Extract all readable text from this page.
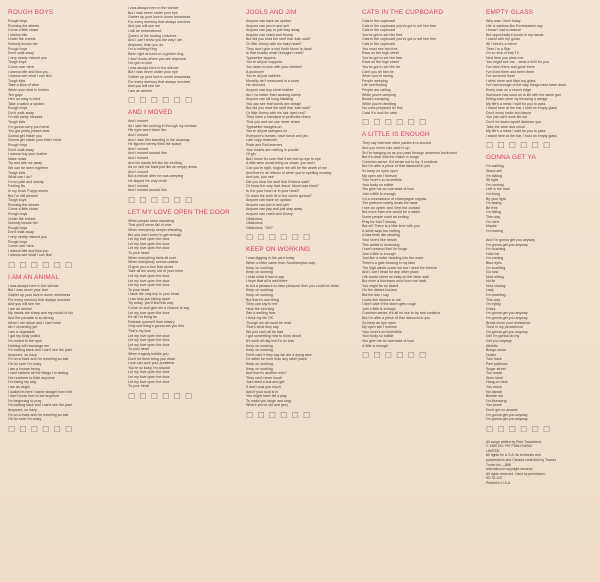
ROUGH BOYS
Rough boys
Running the streets
Come a little closer
I wanna bite
Under the sheets
Nobody knows her
Rough boys
Don't walk away
I very nearly missed you
Tough boys
Come over here
I wanna bite and kiss you
I wanna see what I can find
Tough kids
Take a slice of wine
When your deal is broken
Ten guys
He's so easy to bind
Take a watch a spoken
Rough boys
Don't walk away
I'm still pretty blessed
Tough kids
I'm gonna carry you home
You got pretty pissed dear
Gonna get inside you
Gonna get inside your bitter mind
Rough boys
Don't walk away
I wanna buy your leather
Make noise
Try and talk me away
We can be seen together
Tough kids
What can I do?
I'm so pale and weedy
Feeling ills
In my Hush Puppy shoes
But I'm still pleadin
Tough boys
Running the streets
Come a little closer
Rough boys
Under the sheets
Nobody knows her
Rough boys
Don't walk away
I very nearly missed you
Rough boys
Come over here
I wanna bite and kiss you
I wanna see what I can find
☐ ☐ ☐ ☐ ☐ ☐
I AM AN ANIMAL
I was always here in the silence
But I was never your size
Gather up your love in some weariness
For every memory that always survives
And you will see me
I am an animal
My hands are sharp and my mouth is full
And the parasite is so strong
When I am alone and I can't hear
Am I dreaming yet
I am a vegetable
I got my body pulled
I'm rooted to the spot
Nothing will rearrange me
I'm looking back and I can't see the past
Anymore, so hazy
I'm on a track and I'm traveling so fast
Oh for sure I'm crazy
I am a human being
I can't believe all the things I'm seeing
I've nowhere to hide anymore
I'm losing my way
I am an angel
I looked in here I came straight from hell
I don't know how to act anymore
I'm beginning to pray
I'm looking back and I can't see the past
Anymore, so hazy
I'm on a track and I'm traveling so fast
Oh for sure I'm crazy
☐ ☐ ☐ ☐ ☐ ☐
I was always here in the silence
But I was never under your eye
Gather up your love in some weariness
For every memory that always survives
And you will see me
I will be remembered
Queen of the fucking Universe
And I can't show you the way I am
Anymore, than you do
I'm a nothing King
Been right around on a golden ring
I don't know where you are anymore
I've got no clue
I was always here in the silence
But I was never under your eye
Gather up your love in some weariness
For every memory that always survives
And you will see me
I am an animal
☐ ☐ ☐ ☐ ☐ ☐
AND I MOVED
And I moved
As I saw him looking in through my window
His eyes were black lies
And I moved
And I saw him standing in the doorway
He figured merely filled the space
And I moved
And I moved toward him
And I moved
And his hands felt like ice exciting
As he laid me back just like an empty dress
And I moved
But a minute after he was weeping
He stayed his only crush
And I moved
And I moved toward him
☐ ☐ ☐ ☐ ☐ ☐
LET MY LOVE OPEN THE DOOR
When people keep repeating
That you'll never fall in love
When everybody keeps retreating
But you can't seem to get enough
Let my love open the door
Let my love open the door
Let my love open the door
To your heart
When everything feels all over
When everybody seems unkind
I'll give you a four leaf clover
Take all the worry out of your mind
Let my love open the door
Let my love open the door
Let my love open the door
To your heart
I have the only key to your heart
I can stop you falling apart
Try today, you'll find this way
Come on and give me a chance to say
Let my love open the door
It's all I'm living for
Release yourself from misery
Only one thing's gonna set you free
That's my love
Let my love open the door
Let my love open the door
Let my love open the door
To your heart
When tragedy befalls you
Don't let them bring you down
Love can cure your problems
You're so lucky I'm around
Let my love open the door
Let my love open the door
Let my love open the door
To your heart
☐ ☐ ☐ ☐ ☐ ☐
JOOLS AND JIM
Anyone can have an opinion
Anyone can join in and yell
Anyone can pay or just stay away
Anyone can crash and thump
But did you read the stuff that Julie said?
Or little Jimmy with his hairy head?
They don't give a shit Keith Moon is dead
Is that exactly what I thought I read?
Typewriter tappers
You're all just crappers
You listen to love with your intellect
A pushover
You're all just cabbies
Morality ain't measured in a room
He wrecked
Anyone can buy some leather
Am I no better than wearing sheep
Anyone can kill kung Nanking
You can see that words are cheap!
But did you read the stuff that Julie said?
Or little Jimmy with his hair dyed red?
They have a standard of perfection there
That you and me can never share
Typewriter bangers on
You're all just swingers on
Everyone's human, have lunch and jim
Late copy chairmen
Rock and Roll learners
Your hearts are melting in poodle
Of gin
But I know for sure that if we met up eye to eye
A little wine would bring us closer, you and I
Cos you're right, forgive me will be the death of me
And there's an inferno in when you're spelling ecstasy
And you, you see
Did you hear the stuff that Krishna said?
Or know the way that Jesus' blood was shed?
Is it in your heart or in your head?
Or does the truth lie in the comic spread?
Anyone can have an opinion
Anyone can join in and yell
Anyone can pay and just stay away
Anyone can crash and thump
Oklahoma,
Oklahoma,
Oklahoma, "OK!"
☐ ☐ ☐ ☐ ☐ ☐
KEEP ON WORKING
I was digging in the yard today
When a letter came from Southampton way
Keep on working
Keep on working
I read what it had to say
I hope that all is well there
Is but a pleasure to have pleasure then you could be dead
Keep on working
Keep on working
But there's one thing
They can say to me
Hear the sea sing
See a smiling face
I think my life OK
Though we all could be read
That's what they say
We just can't all be bad
I got something now to think about
It's work all day but it's no loss
Keep on working
Keep on working
Don't care if they say we are a dying race
I'd rather be here than any other place
Keep on working
Keep on working
And there's another who?
They can't never touch
Just need a bus and get
It don't cost you much
And if your luck is in
You might have fell a play
To make you laugh and sing
Where you're old and grey
☐ ☐ ☐ ☐ ☐ ☐
CATS IN THE CUPBOARD
Cats in the cupboard
Cats in the cupboard you've got to set him free
Cats in the cupboard
You've got to set him free
Cats in the cupboard you've got to set him free
Cats in the cupboard
You must see him free
Ravs on the high street
You've got to set him free
Ravs on the high street
You've got to set him be
Can't you let him be
When you're racing
People weeping
Life overflowing
People are calling
While you're weeping
Blood's escaping
While you're deciding
No ones prepared for this
Cats! It's cool for cats!
☐ ☐ ☐ ☐ ☐ ☐
A LITTLE IS ENOUGH
They say that love often pastes in a second
And you never can catch it up
So I'm hanging on as you pass through dearness beckoned
But it's clear that the match is tough
Common sense, it'd sense not to try; it continue
But I'm after a piece of that diamond in you
So keep on eyes open
My open are I foresee
Your lover's so incredible
Your body so edible
You give me an overdose of love
Just a little is enough
I'm a connoisseur of champagne cognac
The perfume nearly beats the taste
I see an oyster and I feel the contact
But more than one would be a waste
Some people want an ending
Pray for that Tuesday
But oh! There is a little time with you
A smile says too inviting
A kiss feels like stealing
Your love's like heroin
This addict is reckoning
I can't pretend that I'm tough
Just a little is enough
Just like a sailor heading into the wave
There's a gale blowing in my face
The high winds scare me but I need the breeze
And I can't head for any other place
Life would seem so easy on the other side
But even a hurricane won't turn me back
You might be an island
On the distant horizon
But the tide I say
Looks like heaven to me
I don't care if the storm gets rough
Just a little is enough
Common sense, it's all no use to try and continue
But I'm after a piece of that diamond in you
So keep an eye open
My open are I foresee
Your lover's so incredible
Your body so edible
You give me an overdose of love
A little is enough
☐ ☐ ☐ ☐ ☐ ☐
EMPTY GLASS
Why was I born today
Life is useless like Ecclesiastes say
I know I had a chance
But opportunity's knock in my hands
I stand with my guitar
All I need's a mirror
Then I'm a Star
I'm so sick of that TV
Next time you pinch me
You might see me ...what a thrill for you
I've been there and gone there
I've lived there and been there
I've survived there
I drink there and filled my glass
I've had enough of the way things have been done
Every man on a razors edge
Someone has used us to kill with the same gun
Killing each other by throwing a wedge
My life's a mess I wait for you to pass
I stand here at the bar, I hold an empty glass
Don't worry smile and dance
You just can't work life out
Don't let down myself distance you
Take the wine and shout
My life's a mess I wait for you to pass
I stand here at the bar, I hold an empty glass
☐ ☐ ☐ ☐ ☐ ☐
GONNA GET YA
I'm walking
Stand still
I'm talking
Sit tight
I'm running
Left in the dust
I'm living
By your light
I'm fading
Be free
I'm falling
This way
I'm mine
Maybe
I'm leaving
And I'm gonna get you anyway
I'm gonna get you anyway
I'm touching
Hold me
I'm coming
Blue eyes
I'm touching
Go now
Now sitting
No lie
Now closing
Lady
I'm reaching
This way
I'm trying
Crazy
I'm gonna get you anyway
I'm gonna get you anyway
Break down your resistance
Trust in my persistence
I'm gonna get you anyway
Get I'm gonna do my
Get you anyway
Athletic
Bongo down
Hustle
Turn back
Feel patience
Sugar street
Too hustle
Slow hand
Hang on here
You move
No dancer
Beside me
I'm thumping
You prove
Don't get no answer
I'm gonna get you anyway
I'm gonna get you anyway
☐ ☐ ☐ ☐ ☐ ☐
All songs written by Pete Townshend.
© 1980 EEL PIE PUBLISHING
LIMITED.
All rights for U.S.A. its territories and
possessions and Canada controlled by Towser
Tunes Inc.—BMI
International copyright secured.
All rights reserved. Used by permission.
SD 32-100
Printed in U.S.A.
